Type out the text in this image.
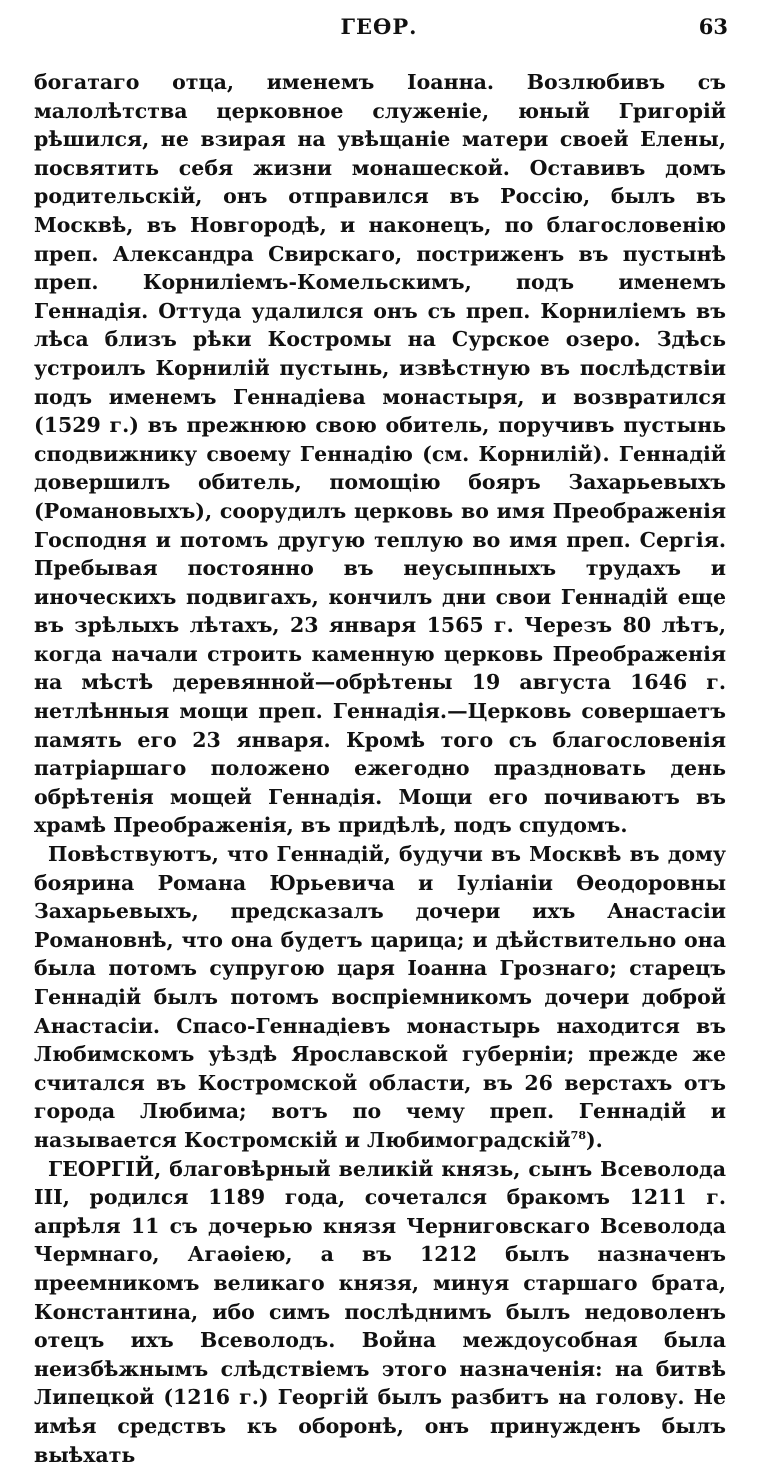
ГЕӨР.	63

богатаго отца, именемъ Іоанна. Возлюбивъ съ малолѣтства церковное служеніе, юный Григорій рѣшился, не взирая на увѣщаніе матери своей Елены, посвятить себя жизни монашеской. Оставивъ домъ родительскій, онъ отправился въ Россію, былъ въ Москвѣ, въ Новгородѣ, и наконецъ, по благословенію преп. Александра Свирскаго, постриженъ въ пустынѣ преп. Корниліемъ-Комельскимъ, подъ именемъ Геннадія. Оттуда удалился онъ съ преп. Корниліемъ въ лѣса близъ рѣки Костромы на Сурское озеро. Здѣсь устроилъ Корнилій пустынь, извѣстную въ послѣдствіи подъ именемъ Геннадіева монастыря, и возвратился (1529 г.) въ прежнюю свою обитель, поручивъ пустынь сподвижнику своему Геннадію (см. Корнилій). Геннадій довершилъ обитель, помощію бояръ Захарьевыхъ (Романовыхъ), соорудилъ церковь во имя Преображенія Господня и потомъ другую теплую во имя преп. Сергія. Пребывая постоянно въ неусыпныхъ трудахъ и иноческихъ подвигахъ, кончилъ дни свои Геннадій еще въ зрѣлыхъ лѣтахъ, 23 января 1565 г. Черезъ 80 лѣтъ, когда начали строить каменную церковь Преображенія на мѣстѣ деревянной—обрѣтены 19 августа 1646 г. нетлѣнныя мощи преп. Геннадія.—Церковь совершаетъ память его 23 января. Кромѣ того съ благословенія патріаршаго положено ежегодно праздновать день обрѣтенія мощей Геннадія. Мощи его почиваютъ въ храмѣ Преображенія, въ придѣлѣ, подъ спудомъ.

Повѣствуютъ, что Геннадій, будучи въ Москвѣ въ дому боярина Романа Юрьевича и Іуліаніи Ѳеодоровны Захарьевыхъ, предсказалъ дочери ихъ Анастасіи Романовнѣ, что она будетъ царица; и дѣйствительно она была потомъ супругою царя Іоанна Грознаго; старецъ Геннадій былъ потомъ воспріемникомъ дочери доброй Анастасіи. Спасо-Геннадіевъ монастырь находится въ Любимскомъ уѣздѣ Ярославской губерніи; прежде же считался въ Костромской области, въ 26 верстахъ отъ города Любима; вотъ по чему преп. Геннадій и называется Костромскій и Любимоградскій$^{78}$).

ГЕОРГІЙ, благовѣрный великій князь, сынъ Всеволода III, родился 1189 года, сочетался бракомъ 1211 г. апрѣля 11 съ дочерью князя Черниговскаго Всеволода Чермнаго, Агаѳіею, а въ 1212 былъ назначенъ преемникомъ великаго князя, минуя старшаго брата, Константина, ибо симъ послѣднимъ былъ недоволенъ отецъ ихъ Всеволодъ. Война междоусобная была неизбѣжнымъ слѣдствіемъ этого назначенія: на битвѣ Липецкой (1216 г.) Георгій былъ разбитъ на голову. Не имѣя средствъ къ оборонѣ, онъ принужденъ былъ выѣхать
